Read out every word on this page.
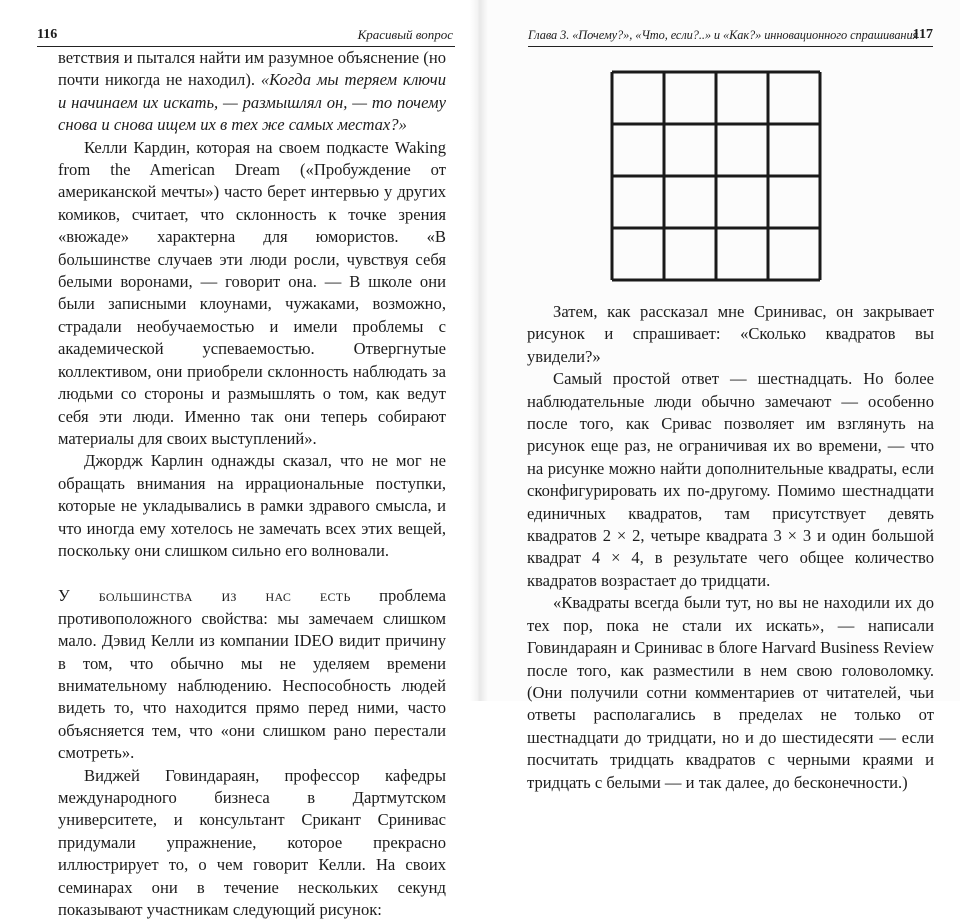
116	Красивый вопрос

ветствия и пытался найти им разумное объяснение (но почти никогда не находил). «Когда мы теряем ключи и начинаем их искать, — размышлял он, — то почему снова и снова ищем их в тех же самых местах?»

Келли Кардин, которая на своем подкасте Waking from the American Dream («Пробуждение от американской мечты») часто берет интервью у других комиков, считает, что склонность к точке зрения «вюжаде» характерна для юмористов. «В большинстве случаев эти люди росли, чувствуя себя белыми воронами, — говорит она. — В школе они были записными клоунами, чужаками, возможно, страдали необучаемостью и имели проблемы с академической успеваемостью. Отвергнутые коллективом, они приобрели склонность наблюдать за людьми со стороны и размышлять о том, как ведут себя эти люди. Именно так они теперь собирают материалы для своих выступлений».

Джордж Карлин однажды сказал, что не мог не обращать внимания на иррациональные поступки, которые не укладывались в рамки здравого смысла, и что иногда ему хотелось не замечать всех этих вещей, поскольку они слишком сильно его волновали.

У большинства из нас есть проблема противоположного свойства: мы замечаем слишком мало. Дэвид Келли из компании IDEO видит причину в том, что обычно мы не уделяем времени внимательному наблюдению. Неспособность людей видеть то, что находится прямо перед ними, часто объясняется тем, что «они слишком рано перестали смотреть».

Виджей Говиндараян, профессор кафедры международного бизнеса в Дартмутском университете, и консультант Срикант Сринивас придумали упражнение, которое прекрасно иллюстрирует то, о чем говорит Келли. На своих семинарах они в течение нескольких секунд показывают участникам следующий рисунок:

Глава 3. «Почему?», «Что, если?..» и «Как?» инновационного спрашивания
117

Затем, как рассказал мне Сринивас, он закрывает рисунок и спрашивает: «Сколько квадратов вы увидели?»

Самый простой ответ — шестнадцать. Но более наблюдательные люди обычно замечают — особенно после того, как Сривас позволяет им взглянуть на рисунок еще раз, не ограничивая их во времени, — что на рисунке можно найти дополнительные квадраты, если сконфигурировать их по-другому. Помимо шестнадцати единичных квадратов, там присутствует девять квадратов 2 × 2, четыре квадрата 3 × 3 и один большой квадрат 4 × 4, в результате чего общее количество квадратов возрастает до тридцати.

«Квадраты всегда были тут, но вы не находили их до тех пор, пока не стали их искать», — написали Говиндараян и Сринивас в блоге Harvard Business Review после того, как разместили в нем свою головоломку. (Они получили сотни комментариев от читателей, чьи ответы располагались в пределах не только от шестнадцати до тридцати, но и до шестидесяти — если посчитать тридцать квадратов с черными краями и тридцать с белыми — и так далее, до бесконечности.)
